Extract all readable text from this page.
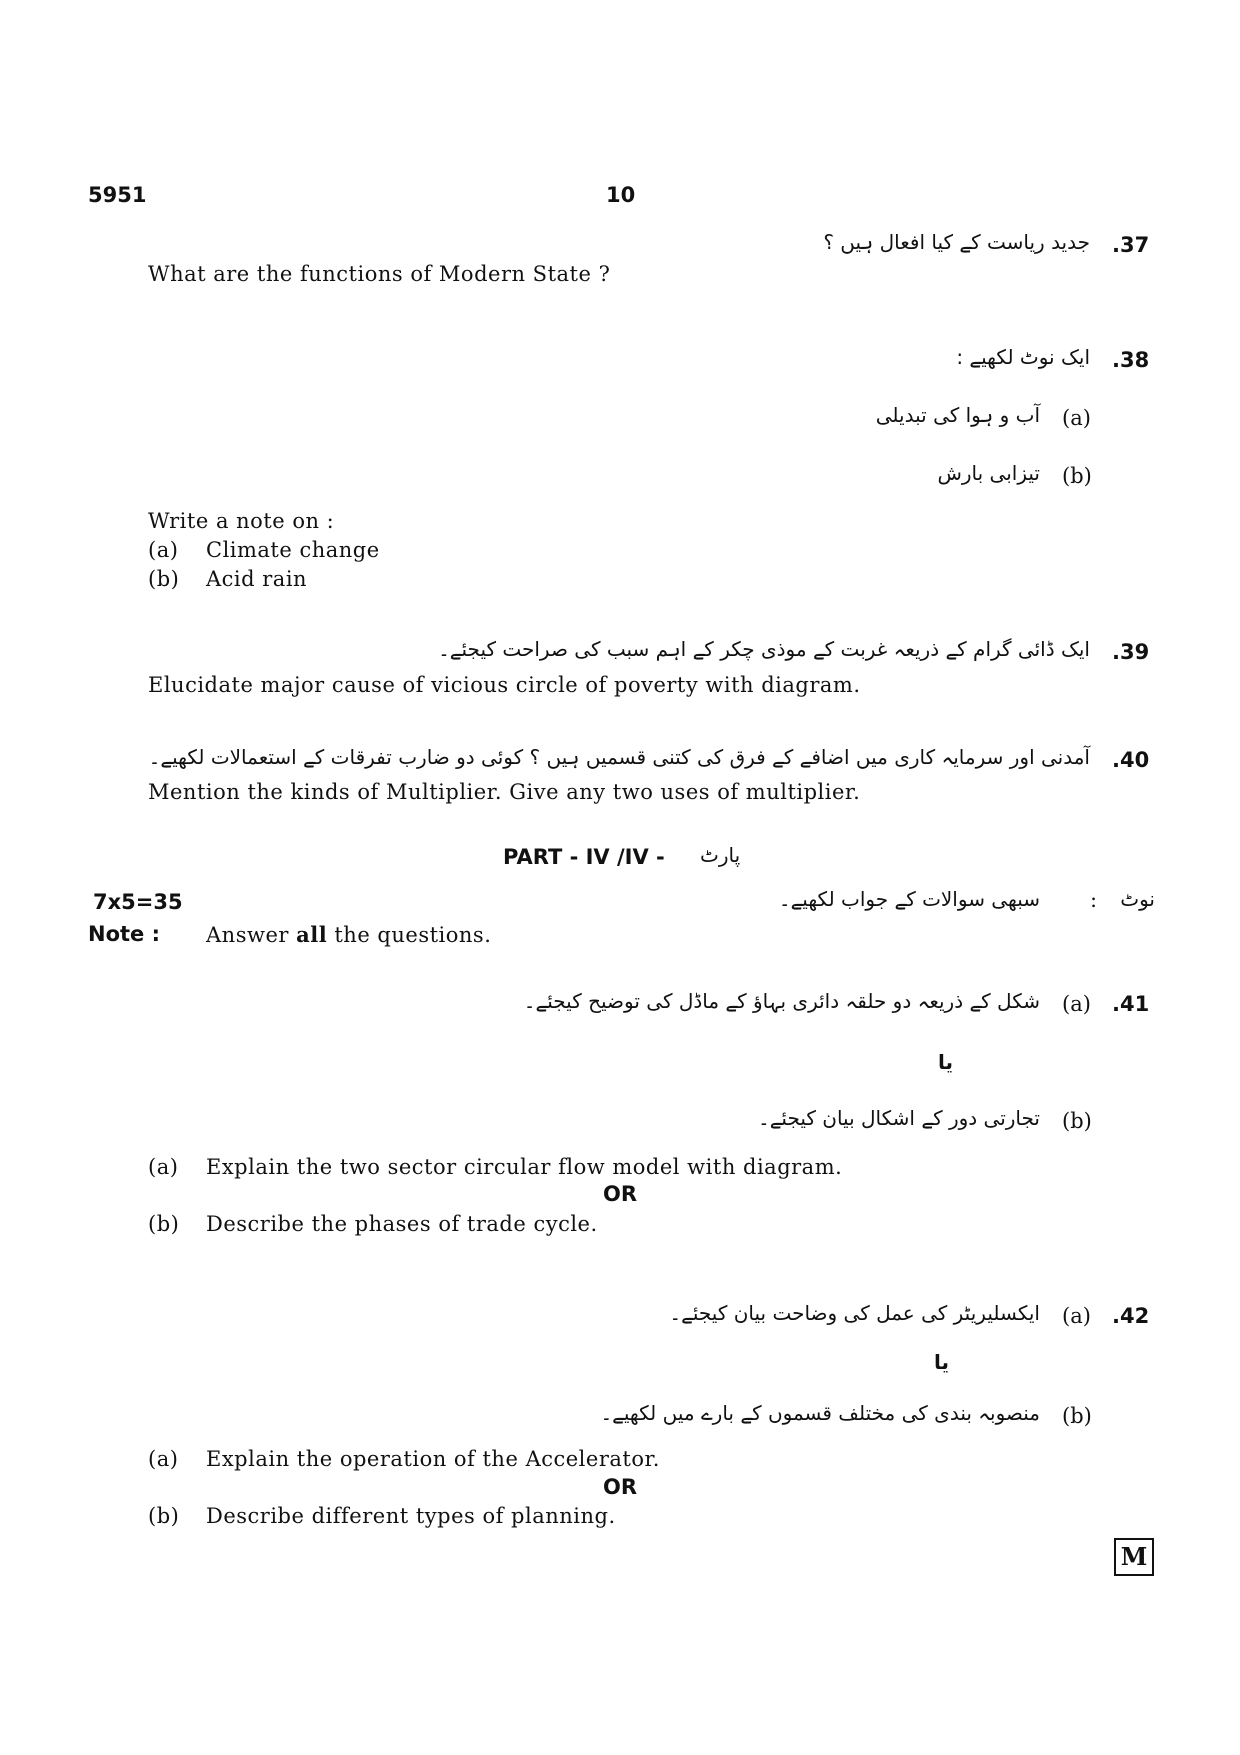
5951	10
.37
جدید ریاست کے کیا افعال ہیں ؟
What are the functions of Modern State ?
.38
ایک نوٹ لکھیے :
(a)
آب و ہوا کی تبدیلی
(b)
تیزابی بارش
Write a note on :
(a) Climate change
(b) Acid rain
.39
ایک ڈائی گرام کے ذریعہ غربت کے موذی چکر کے اہم سبب کی صراحت کیجئے۔
Elucidate major cause of vicious circle of poverty with diagram.
.40
آمدنی اور سرمایہ کاری میں اضافے کے فرق کی کتنی قسمیں ہیں ؟ کوئی دو ضارب تفرقات کے استعمالات لکھیے۔
Mention the kinds of Multiplier. Give any two uses of multiplier.
PART - IV /IV - پارٹ
7x5=35	نوٹ
:
سبھی سوالات کے جواب لکھیے۔
Note : Answer all the questions.
.41
(a)
شکل کے ذریعہ دو حلقہ دائری بہاؤ کے ماڈل کی توضیح کیجئے۔
یا
(b)
تجارتی دور کے اشکال بیان کیجئے۔
(a) Explain the two sector circular flow model with diagram.
OR
(b) Describe the phases of trade cycle.
.42
(a)
ایکسلیریٹر کی عمل کی وضاحت بیان کیجئے۔
یا
(b)
منصوبہ بندی کی مختلف قسموں کے بارے میں لکھیے۔
(a) Explain the operation of the Accelerator.
OR
(b) Describe different types of planning.
M
